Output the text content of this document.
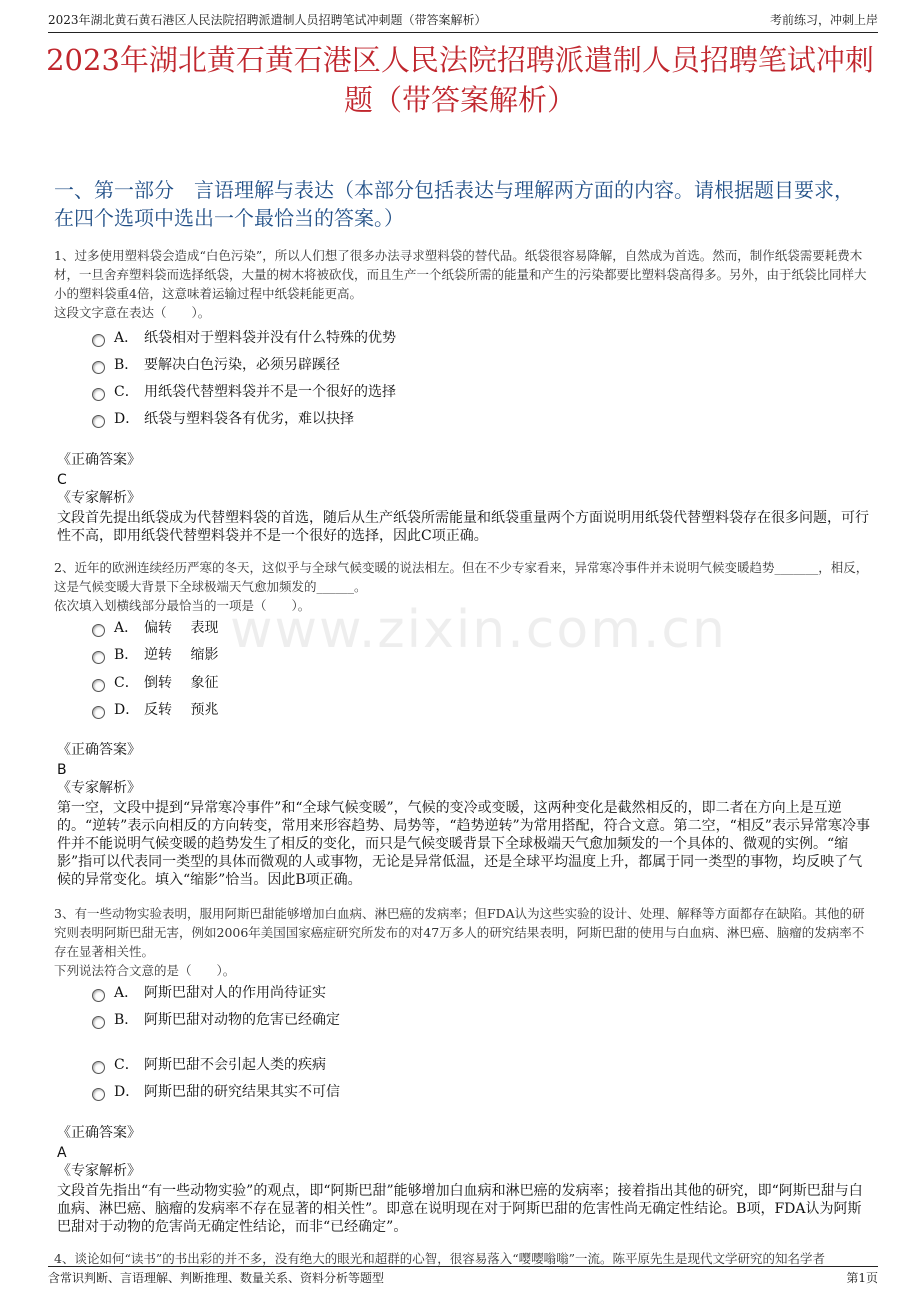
2023年湖北黄石黄石港区人民法院招聘派遣制人员招聘笔试冲刺题（带答案解析）	考前练习，冲刺上岸
2023年湖北黄石黄石港区人民法院招聘派遣制人员招聘笔试冲刺题（带答案解析）
一、第一部分　言语理解与表达（本部分包括表达与理解两方面的内容。请根据题目要求，在四个选项中选出一个最恰当的答案。）
www.zixin.com.cn

1、过多使用塑料袋会造成“白色污染”，所以人们想了很多办法寻求塑料袋的替代品。纸袋很容易降解，自然成为首选。然而，制作纸袋需要耗费木材，一旦舍弃塑料袋而选择纸袋，大量的树木将被砍伐，而且生产一个纸袋所需的能量和产生的污染都要比塑料袋高得多。另外，由于纸袋比同样大小的塑料袋重4倍，这意味着运输过程中纸袋耗能更高。

这段文字意在表达（　　）。

A． 纸袋相对于塑料袋并没有什么特殊的优势
B． 要解决白色污染，必须另辟蹊径
C． 用纸袋代替塑料袋并不是一个很好的选择
D． 纸袋与塑料袋各有优劣，难以抉择
《正确答案》
C
《专家解析》
文段首先提出纸袋成为代替塑料袋的首选，随后从生产纸袋所需能量和纸袋重量两个方面说明用纸袋代替塑料袋存在很多问题，可行性不高，即用纸袋代替塑料袋并不是一个很好的选择，因此C项正确。

2、近年的欧洲连续经历严寒的冬天，这似乎与全球气候变暖的说法相左。但在不少专家看来，异常寒冷事件并未说明气候变暖趋势_______，相反，这是气候变暖大背景下全球极端天气愈加频发的______。

依次填入划横线部分最恰当的一项是（　　）。

A． 偏转　 表现
B． 逆转　 缩影
C． 倒转　 象征
D． 反转　 预兆
《正确答案》
B
《专家解析》
第一空，文段中提到“异常寒冷事件”和“全球气候变暖”，气候的变冷或变暖，这两种变化是截然相反的，即二者在方向上是互逆的。“逆转”表示向相反的方向转变，常用来形容趋势、局势等，“趋势逆转”为常用搭配，符合文意。第二空，“相反”表示异常寒冷事件并不能说明气候变暖的趋势发生了相反的变化，而只是气候变暖背景下全球极端天气愈加频发的一个具体的、微观的实例。“缩影”指可以代表同一类型的具体而微观的人或事物，无论是异常低温，还是全球平均温度上升，都属于同一类型的事物，均反映了气候的异常变化。填入“缩影”恰当。因此B项正确。

3、有一些动物实验表明，服用阿斯巴甜能够增加白血病、淋巴癌的发病率；但FDA认为这些实验的设计、处理、解释等方面都存在缺陷。其他的研究则表明阿斯巴甜无害，例如2006年美国国家癌症研究所发布的对47万多人的研究结果表明，阿斯巴甜的使用与白血病、淋巴癌、脑瘤的发病率不存在显著相关性。

下列说法符合文意的是（　　）。

A． 阿斯巴甜对人的作用尚待证实
B． 阿斯巴甜对动物的危害已经确定
C． 阿斯巴甜不会引起人类的疾病
D． 阿斯巴甜的研究结果其实不可信
《正确答案》
A
《专家解析》
文段首先指出“有一些动物实验”的观点，即“阿斯巴甜”能够增加白血病和淋巴癌的发病率；接着指出其他的研究，即“阿斯巴甜与白血病、淋巴癌、脑瘤的发病率不存在显著的相关性”。即意在说明现在对于阿斯巴甜的危害性尚无确定性结论。B项，FDA认为阿斯巴甜对于动物的危害尚无确定性结论，而非“已经确定”。
4、谈论如何“读书”的书出彩的并不多，没有绝大的眼光和超群的心智，很容易落入“嘤嘤嗡嗡”一流。陈平原先生是现代文学研究的知名学者
含常识判断、言语理解、判断推理、数量关系、资料分析等题型	第1页
